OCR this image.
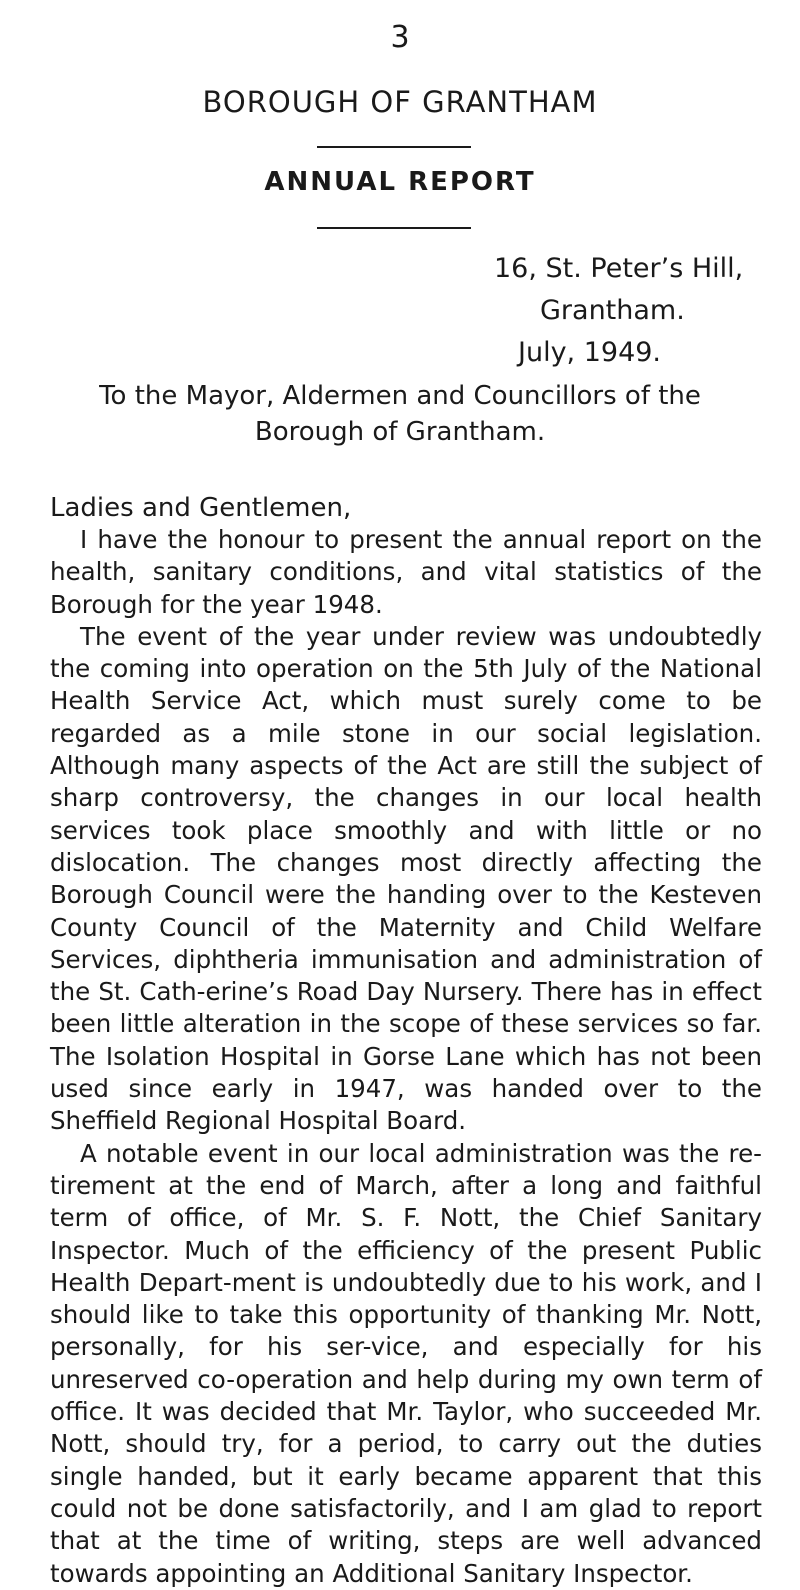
3
BOROUGH OF GRANTHAM
ANNUAL REPORT
16, St. Peter’s Hill,
Grantham.
July, 1949.
To the Mayor, Aldermen and Councillors of the
Borough of Grantham.
Ladies and Gentlemen,

I have the honour to present the annual report on the health, sanitary conditions, and vital statistics of the Borough for the year 1948.

The event of the year under review was undoubtedly the coming into operation on the 5th July of the National Health Service Act, which must surely come to be regarded as a mile stone in our social legislation. Although many aspects of the Act are still the subject of sharp controversy, the changes in our local health services took place smoothly and with little or no dislocation. The changes most directly affecting the Borough Council were the handing over to the Kesteven County Council of the Maternity and Child Welfare Services, diphtheria immunisation and administration of the St. Cath-erine’s Road Day Nursery. There has in effect been little alteration in the scope of these services so far. The Isolation Hospital in Gorse Lane which has not been used since early in 1947, was handed over to the Sheffield Regional Hospital Board.

A notable event in our local administration was the re-tirement at the end of March, after a long and faithful term of office, of Mr. S. F. Nott, the Chief Sanitary Inspector. Much of the efficiency of the present Public Health Depart-ment is undoubtedly due to his work, and I should like to take this opportunity of thanking Mr. Nott, personally, for his ser-vice, and especially for his unreserved co-operation and help during my own term of office. It was decided that Mr. Taylor, who succeeded Mr. Nott, should try, for a period, to carry out the duties single handed, but it early became apparent that this could not be done satisfactorily, and I am glad to report that at the time of writing, steps are well advanced towards appointing an Additional Sanitary Inspector.
